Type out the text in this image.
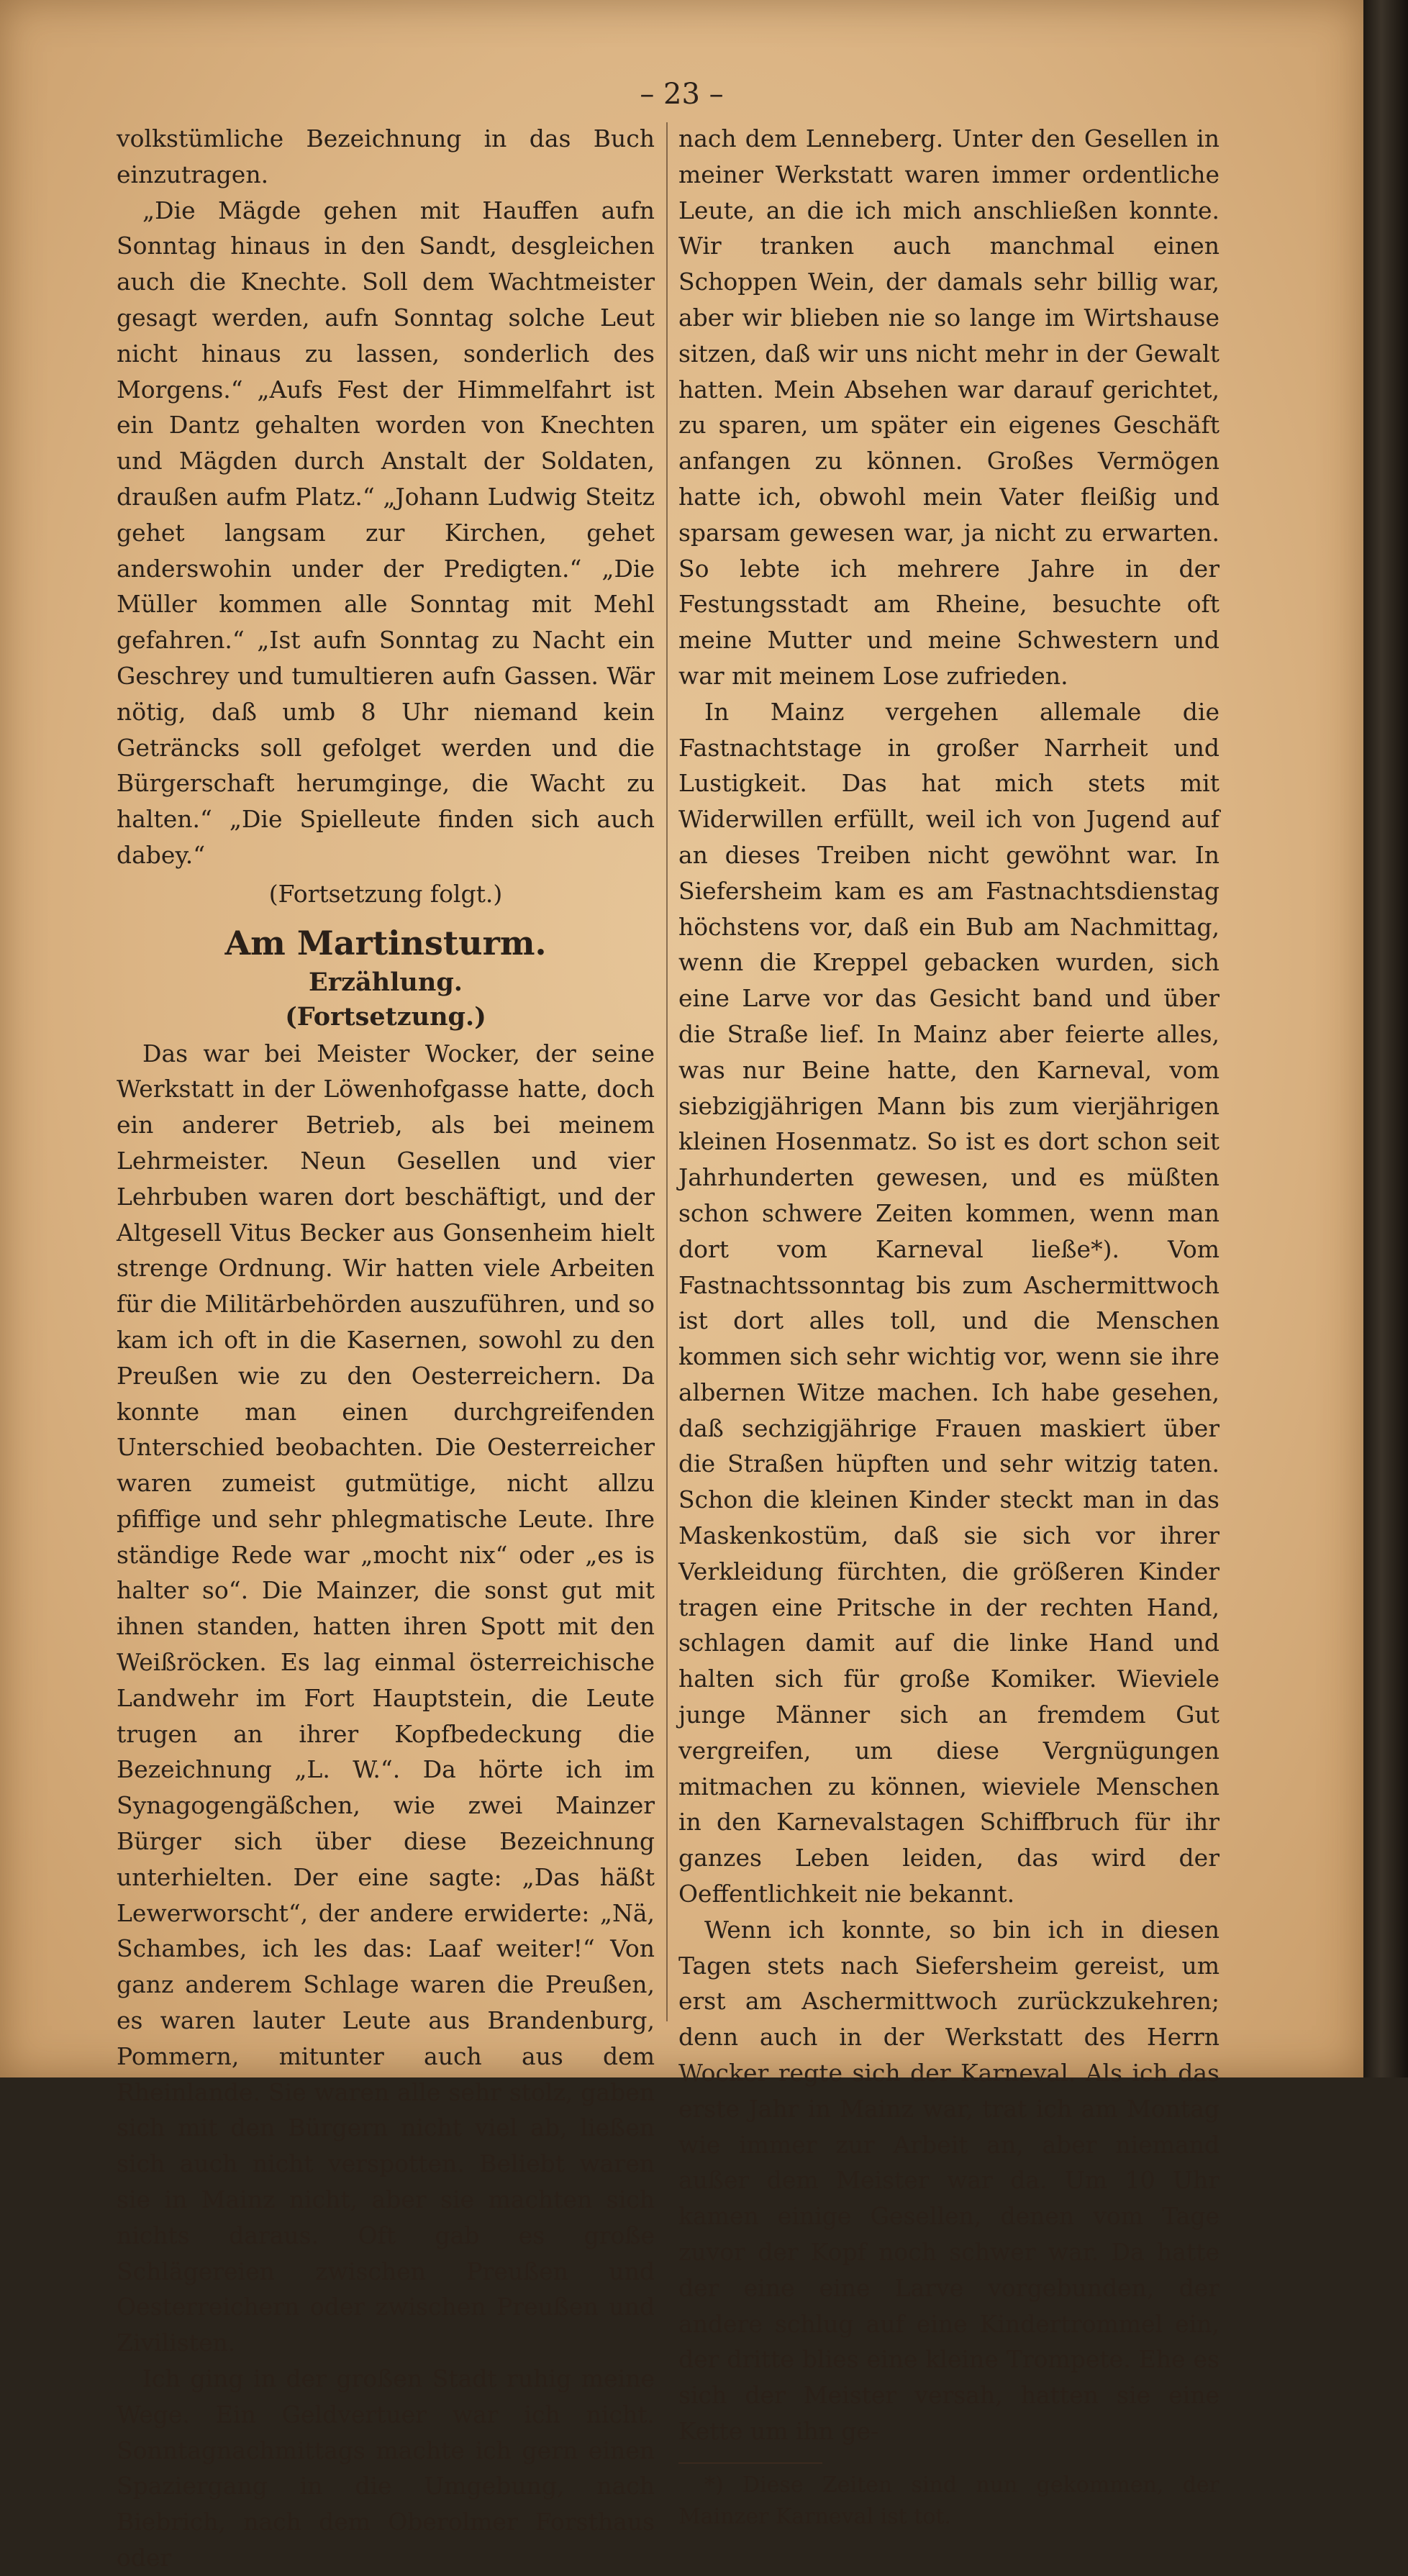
– 23 –

volkstümliche Bezeichnung in das Buch einzutragen.

„Die Mägde gehen mit Hauffen aufn Sonntag hinaus in den Sandt, desgleichen auch die Knechte. Soll dem Wachtmeister gesagt werden, aufn Sonntag solche Leut nicht hinaus zu lassen, sonderlich des Morgens.“ „Aufs Fest der Himmelfahrt ist ein Dantz gehalten worden von Knechten und Mägden durch Anstalt der Soldaten, draußen aufm Platz.“ „Johann Ludwig Steitz gehet langsam zur Kirchen, gehet anderswohin under der Predigten.“ „Die Müller kommen alle Sonntag mit Mehl gefahren.“ „Ist aufn Sonntag zu Nacht ein Geschrey und tumultieren aufn Gassen. Wär nötig, daß umb 8 Uhr niemand kein Geträncks soll gefolget werden und die Bürgerschaft herumginge, die Wacht zu halten.“ „Die Spielleute finden sich auch dabey.“

(Fortsetzung folgt.)

Am Martinsturm.
Erzählung.
(Fortsetzung.)

Das war bei Meister Wocker, der seine Werkstatt in der Löwenhofgasse hatte, doch ein anderer Betrieb, als bei meinem Lehrmeister. Neun Gesellen und vier Lehrbuben waren dort beschäftigt, und der Altgesell Vitus Becker aus Gonsenheim hielt strenge Ordnung. Wir hatten viele Arbeiten für die Militärbehörden auszuführen, und so kam ich oft in die Kasernen, sowohl zu den Preußen wie zu den Oesterreichern. Da konnte man einen durchgreifenden Unterschied beobachten. Die Oesterreicher waren zumeist gutmütige, nicht allzu pfiffige und sehr phlegmatische Leute. Ihre ständige Rede war „mocht nix“ oder „es is halter so“. Die Mainzer, die sonst gut mit ihnen standen, hatten ihren Spott mit den Weißröcken. Es lag einmal österreichische Landwehr im Fort Hauptstein, die Leute trugen an ihrer Kopfbedeckung die Bezeichnung „L. W.“. Da hörte ich im Synagogengäßchen, wie zwei Mainzer Bürger sich über diese Bezeichnung unterhielten. Der eine sagte: „Das häßt Lewerworscht“, der andere erwiderte: „Nä, Schambes, ich les das: Laaf weiter!“ Von ganz anderem Schlage waren die Preußen, es waren lauter Leute aus Brandenburg, Pommern, mitunter auch aus dem Rheinlande. Sie waren alle sehr stolz, gaben sich mit den Bürgern nicht viel ab, ließen sich auch nicht verspotten. Beliebt waren sie in Mainz nicht, aber sie machten sich nichts daraus. Oft gab es große Schlägereien zwischen Preußen und Oesterreichern oder zwischen Preußen und Zivilisten.

Ich ging in der großen Stadt ruhig meine Wege. Ein Geldvertuer war ich nicht. Sonntagnachmittags machte ich gern einen Spaziergang in die Umgebung, nach Biebrich, nach dem Oberolmer Forsthaus oder

nach dem Lenneberg. Unter den Gesellen in meiner Werkstatt waren immer ordentliche Leute, an die ich mich anschließen konnte. Wir tranken auch manchmal einen Schoppen Wein, der damals sehr billig war, aber wir blieben nie so lange im Wirtshause sitzen, daß wir uns nicht mehr in der Gewalt hatten. Mein Absehen war darauf gerichtet, zu sparen, um später ein eigenes Geschäft anfangen zu können. Großes Vermögen hatte ich, obwohl mein Vater fleißig und sparsam gewesen war, ja nicht zu erwarten. So lebte ich mehrere Jahre in der Festungsstadt am Rheine, besuchte oft meine Mutter und meine Schwestern und war mit meinem Lose zufrieden.

In Mainz vergehen allemale die Fastnachtstage in großer Narrheit und Lustigkeit. Das hat mich stets mit Widerwillen erfüllt, weil ich von Jugend auf an dieses Treiben nicht gewöhnt war. In Siefersheim kam es am Fastnachtsdienstag höchstens vor, daß ein Bub am Nachmittag, wenn die Kreppel gebacken wurden, sich eine Larve vor das Gesicht band und über die Straße lief. In Mainz aber feierte alles, was nur Beine hatte, den Karneval, vom siebzigjährigen Mann bis zum vierjährigen kleinen Hosenmatz. So ist es dort schon seit Jahrhunderten gewesen, und es müßten schon schwere Zeiten kommen, wenn man dort vom Karneval ließe*). Vom Fastnachtssonntag bis zum Aschermittwoch ist dort alles toll, und die Menschen kommen sich sehr wichtig vor, wenn sie ihre albernen Witze machen. Ich habe gesehen, daß sechzigjährige Frauen maskiert über die Straßen hüpften und sehr witzig taten. Schon die kleinen Kinder steckt man in das Maskenkostüm, daß sie sich vor ihrer Verkleidung fürchten, die größeren Kinder tragen eine Pritsche in der rechten Hand, schlagen damit auf die linke Hand und halten sich für große Komiker. Wieviele junge Männer sich an fremdem Gut vergreifen, um diese Vergnügungen mitmachen zu können, wieviele Menschen in den Karnevalstagen Schiffbruch für ihr ganzes Leben leiden, das wird der Oeffentlichkeit nie bekannt.

Wenn ich konnte, so bin ich in diesen Tagen stets nach Siefersheim gereist, um erst am Aschermittwoch zurückzukehren; denn auch in der Werkstatt des Herrn Wocker regte sich der Karneval. Als ich das erste Jahr in Mainz war, trat ich am Montag wie immer zur Arbeit an, aber niemand außer dem Meister war da. Um 10 Uhr kamen einige Gesellen, denen vom Tage zuvor der Kopf noch schwer war. Da hatte der eine eine Larve vorgebunden, der andere schlug auf eine Kindertrommel ein, der dritte blies eine kleine Trompete. Ehe es sich der Meister versah, hatten sie eine Kette um ihn ge-

*) Diese Zeiten sind nun gekommen, der Mainzer Karneval ist tot.
